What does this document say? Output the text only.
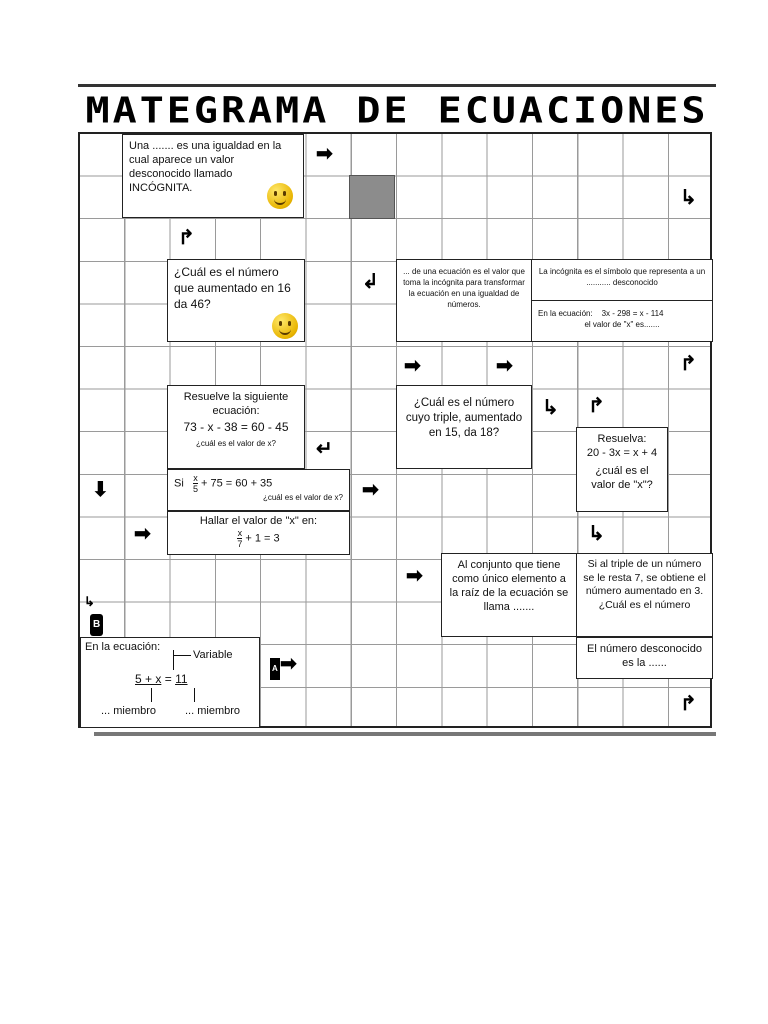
MATEGRAMA DE ECUACIONES
Una ....... es una igualdad en la cual aparece un valor desconocido llamado INCÓGNITA.
¿Cuál es el número que aumentado en 16 da 46?
... de una ecuación es el valor que toma la incógnita para transformar la ecuación en una igualdad de números.
La incógnita es el símbolo que representa a un ........... desconocido
En la ecuación: 3x - 298 = x - 114
el valor de "x" es.......
Resuelve la siguiente ecuación:
73 - x - 38 = 60 - 45
¿cuál es el valor de x?
¿Cuál es el número cuyo triple, aumentado en 15, da 18?	Resuelva:
20 - 3x = x + 4
¿cuál es el valor de "x"?
Si $\frac{x}{5} + 75 = 60 + 35$
¿cuál es el valor de x?
Hallar el valor de "x" en:
$\frac{x}{7} + 1 = 3$
Al conjunto que tiene como único elemento a la raíz de la ecuación se llama .......
Si al triple de un número se le resta 7, se obtiene el número aumentado en 3. ¿Cuál es el número
El número desconocido es la ......
En la ecuación:
Variable
5 + x = 11
... miembro	... miembro
➡
↳
↱
↲
➡	➡	↱
↳ ↱
↵
⬇	➡
➡	↳
➡
↳
B
A ➡
↱
